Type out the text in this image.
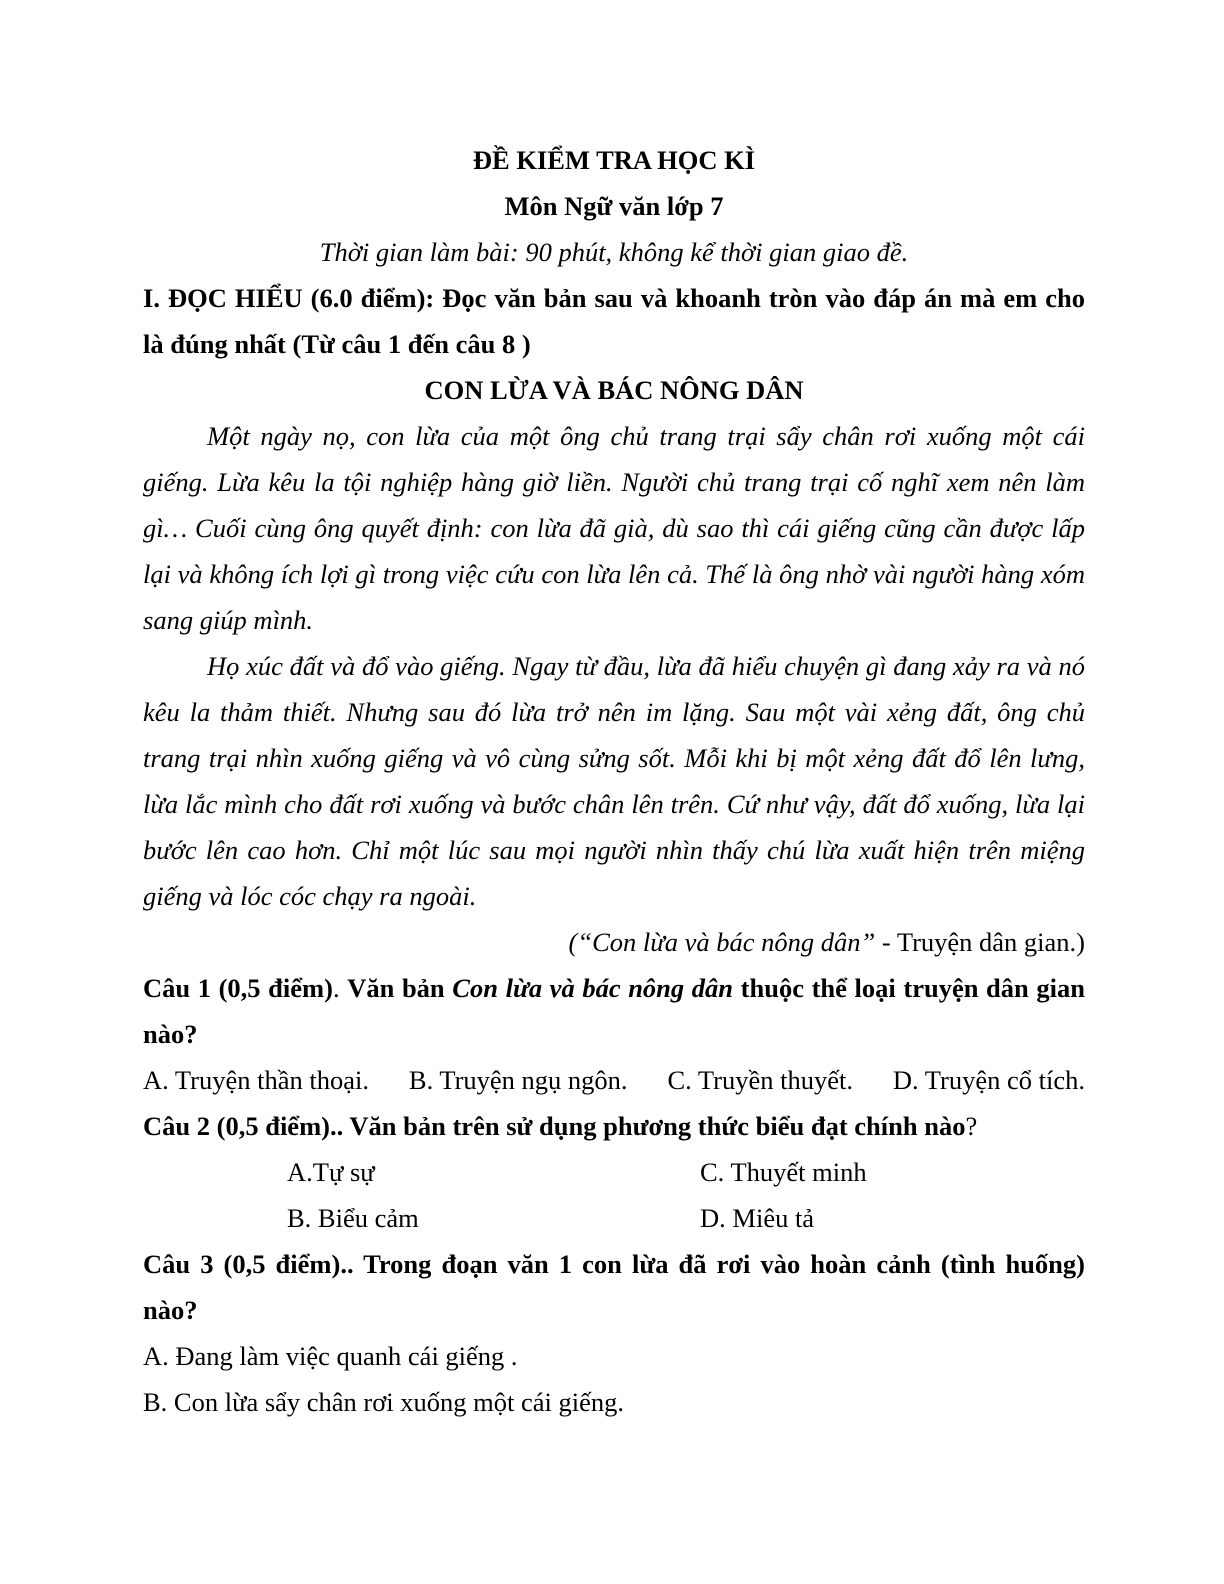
ĐỀ KIỂM TRA HỌC KÌ
Môn Ngữ văn lớp 7
Thời gian làm bài: 90 phút, không kể thời gian giao đề.
I. ĐỌC HIỂU (6.0 điểm): Đọc văn bản sau và khoanh tròn vào đáp án mà em cho là đúng nhất (Từ câu 1 đến câu 8 )
CON LỪA VÀ BÁC NÔNG DÂN

Một ngày nọ, con lừa của một ông chủ trang trại sẩy chân rơi xuống một cái giếng. Lừa kêu la tội nghiệp hàng giờ liền. Người chủ trang trại cố nghĩ xem nên làm gì… Cuối cùng ông quyết định: con lừa đã già, dù sao thì cái giếng cũng cần được lấp lại và không ích lợi gì trong việc cứu con lừa lên cả. Thế là ông nhờ vài người hàng xóm sang giúp mình.

Họ xúc đất và đổ vào giếng. Ngay từ đầu, lừa đã hiểu chuyện gì đang xảy ra và nó kêu la thảm thiết. Nhưng sau đó lừa trở nên im lặng. Sau một vài xẻng đất, ông chủ trang trại nhìn xuống giếng và vô cùng sửng sốt. Mỗi khi bị một xẻng đất đổ lên lưng, lừa lắc mình cho đất rơi xuống và bước chân lên trên. Cứ như vậy, đất đổ xuống, lừa lại bước lên cao hơn. Chỉ một lúc sau mọi người nhìn thấy chú lừa xuất hiện trên miệng giếng và lóc cóc chạy ra ngoài.

(“Con lừa và bác nông dân” - Truyện dân gian.)
Câu 1 (0,5 điểm). Văn bản Con lừa và bác nông dân thuộc thể loại truyện dân gian nào?
A. Truyện thần thoại. B. Truyện ngụ ngôn. C. Truyền thuyết. D. Truyện cổ tích.
Câu 2 (0,5 điểm).. Văn bản trên sử dụng phương thức biểu đạt chính nào?
A.Tự sự	C. Thuyết minh
B. Biểu cảm	D. Miêu tả
Câu 3 (0,5 điểm).. Trong đoạn văn 1 con lừa đã rơi vào hoàn cảnh (tình huống) nào?
A. Đang làm việc quanh cái giếng .
B. Con lừa sẩy chân rơi xuống một cái giếng.
